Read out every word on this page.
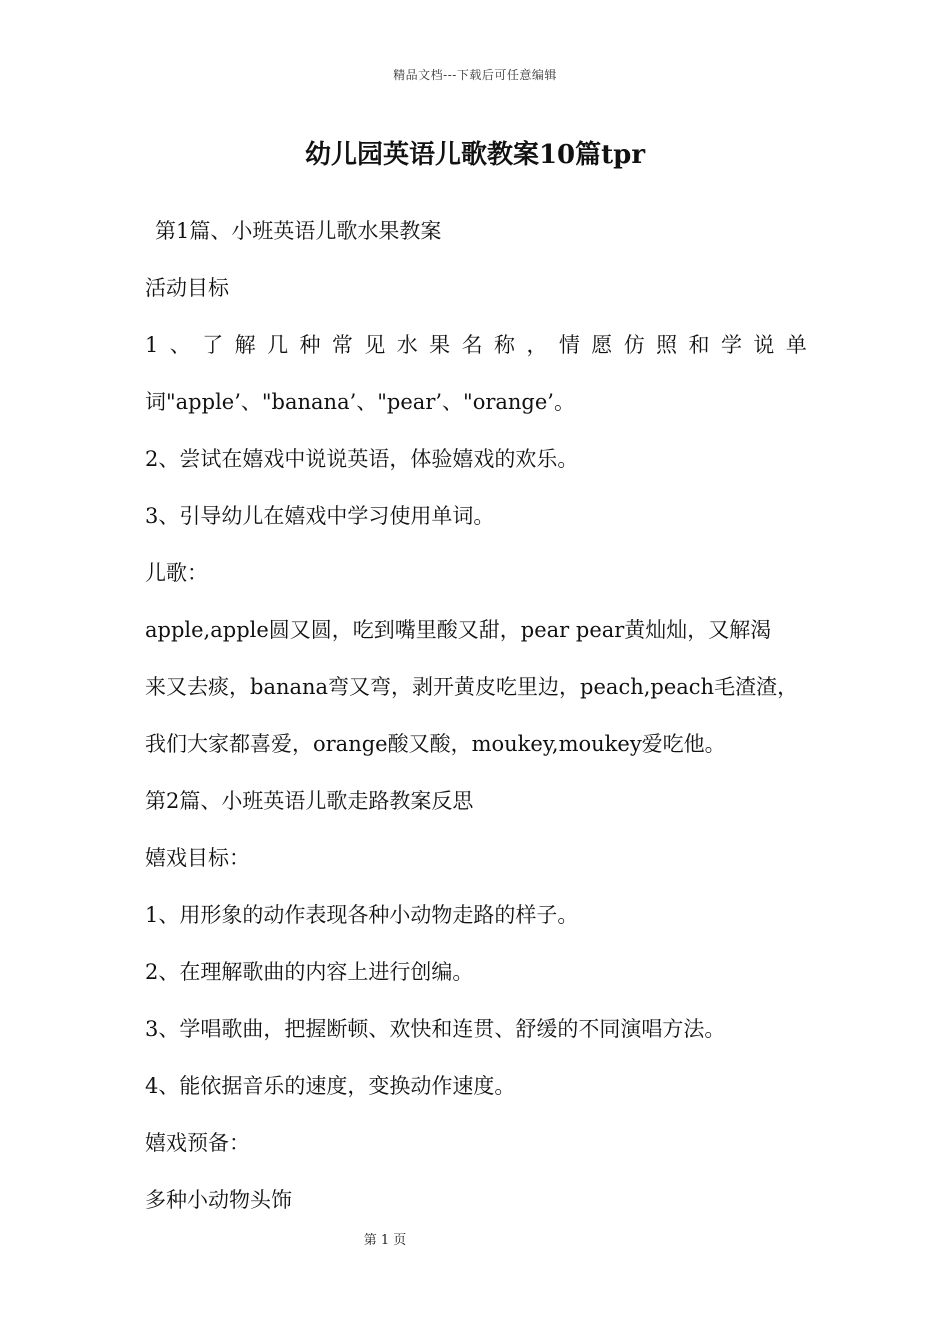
精品文档---下载后可任意编辑
幼儿园英语儿歌教案10篇tpr

第1篇、小班英语儿歌水果教案

活动目标

1 、 了 解 几 种 常 见 水 果 名 称 ， 情 愿 仿 照 和 学 说 单

词"apple’、"banana’、"pear’、"orange’。

2、尝试在嬉戏中说说英语，体验嬉戏的欢乐。

3、引导幼儿在嬉戏中学习使用单词。

儿歌：

apple,apple圆又圆，吃到嘴里酸又甜，pear pear黄灿灿，又解渴

来又去痰，banana弯又弯，剥开黄皮吃里边，peach,peach毛渣渣，

我们大家都喜爱，orange酸又酸，moukey,moukey爱吃他。

第2篇、小班英语儿歌走路教案反思

嬉戏目标：

1、用形象的动作表现各种小动物走路的样子。

2、在理解歌曲的内容上进行创编。

3、学唱歌曲，把握断顿、欢快和连贯、舒缓的不同演唱方法。

4、能依据音乐的速度，变换动作速度。

嬉戏预备：

多种小动物头饰

第 1 页
